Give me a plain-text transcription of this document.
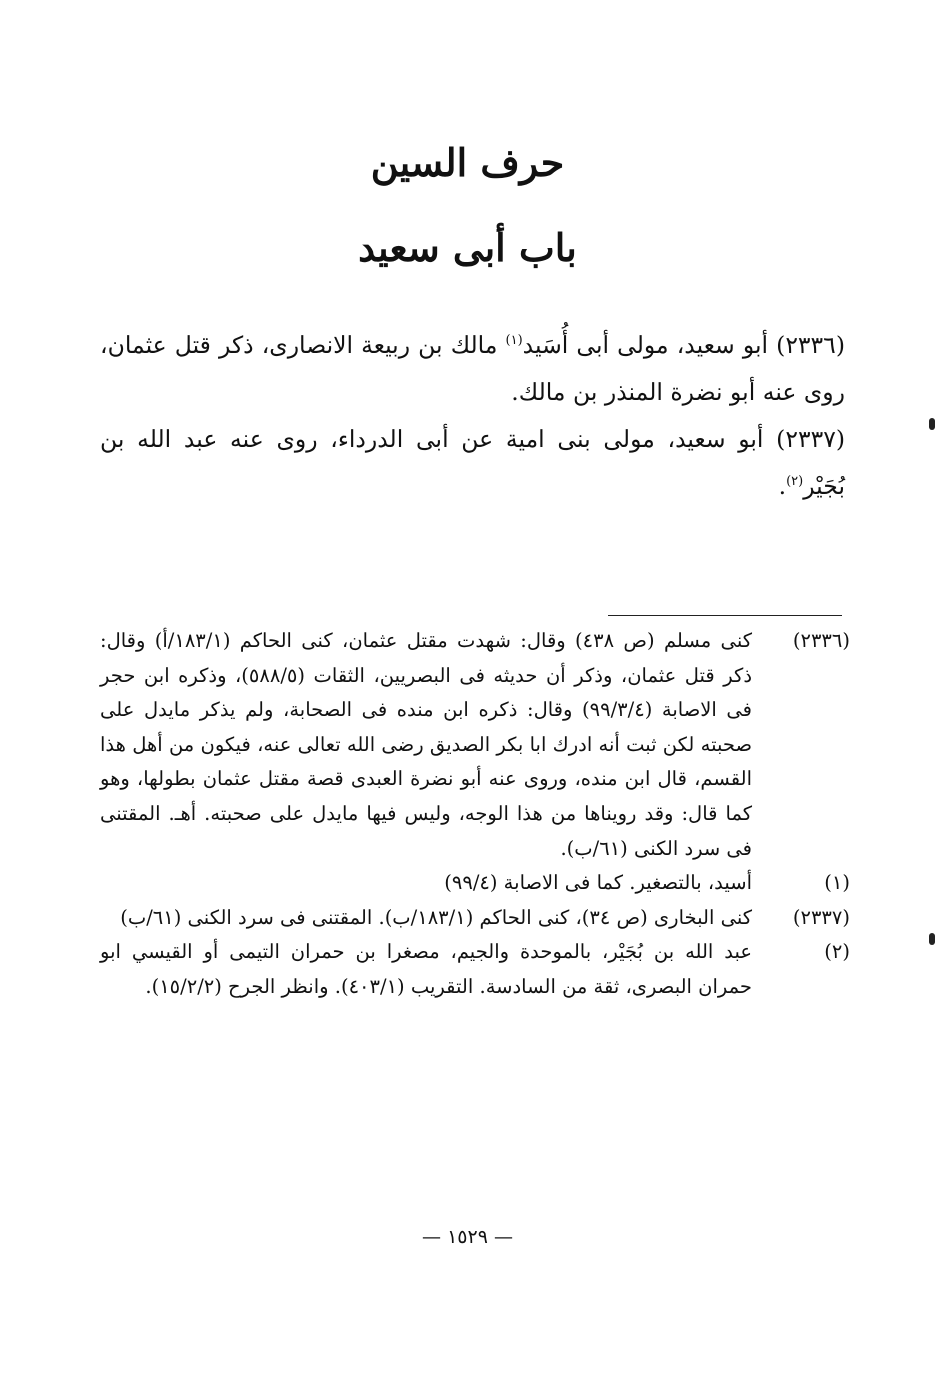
حرف السين
باب أبى سعيد

(٢٣٣٦) أبو سعيد، مولى أبى أُسَيد$^{(١)}$ مالك بن ربيعة الانصارى، ذكر قتل عثمان، روى عنه أبو نضرة المنذر بن مالك.

(٢٣٣٧) أبو سعيد، مولى بنى امية عن أبى الدرداء، روى عنه عبد الله بن بُجَيْر$^{(٢)}$.

(٢٣٣٦)
كنى مسلم (ص ٤٣٨) وقال: شهدت مقتل عثمان، كنى الحاكم (١٨٣/١/أ) وقال: ذكر قتل عثمان، وذكر أن حديثه فى البصريين، الثقات (٥٨٨/٥)، وذكره ابن حجر فى الاصابة (٩٩/٣/٤) وقال: ذكره ابن منده فى الصحابة، ولم يذكر مايدل على صحبته لكن ثبت أنه ادرك ابا بكر الصديق رضى الله تعالى عنه، فيكون من أهل هذا القسم، قال ابن منده، وروى عنه أبو نضرة العبدى قصة مقتل عثمان بطولها، وهو كما قال: وقد رويناها من هذا الوجه، وليس فيها مايدل على صحبته. أهـ. المقتنى فى سرد الكنى (٦١/ب).
(١)
أسيد، بالتصغير. كما فى الاصابة (٩٩/٤)
(٢٣٣٧)
كنى البخارى (ص ٣٤)، كنى الحاكم (١٨٣/١/ب). المقتنى فى سرد الكنى (٦١/ب)
(٢)
عبد الله بن بُجَيْر، بالموحدة والجيم، مصغرا بن حمران التيمى أو القيسي ابو حمران البصرى، ثقة من السادسة. التقريب (٤٠٣/١). وانظر الجرح (١٥/٢/٢).
— ١٥٢٩ —
